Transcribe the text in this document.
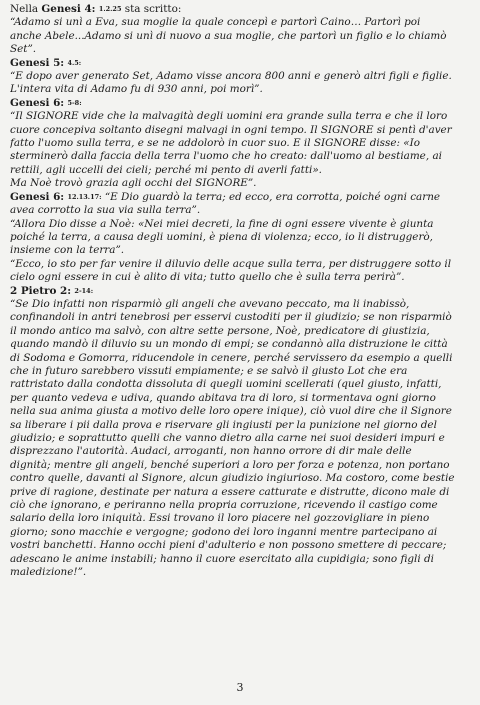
Nella Genesi 4: 1.2.25 sta scritto:
“Adamo si unì a Eva, sua moglie la quale concepì e partorì Caino… Partorì poi
anche Abele...Adamo si unì di nuovo a sua moglie, che partorì un figlio e lo chiamò
Set”.
Genesi 5: 4.5:
“E dopo aver generato Set, Adamo visse ancora 800 anni e generò altri figli e figlie.
L'intera vita di Adamo fu di 930 anni, poi morì”.
Genesi 6: 5-8:
“Il SIGNORE vide che la malvagità degli uomini era grande sulla terra e che il loro
cuore concepiva soltanto disegni malvagi in ogni tempo. Il SIGNORE si pentì d'aver
fatto l'uomo sulla terra, e se ne addolorò in cuor suo. E il SIGNORE disse: «Io
sterminerò dalla faccia della terra l'uomo che ho creato: dall'uomo al bestiame, ai
rettili, agli uccelli dei cieli; perché mi pento di averli fatti».
Ma Noè trovò grazia agli occhi del SIGNORE”.
Genesi 6: 12.13.17: “E Dio guardò la terra; ed ecco, era corrotta, poiché ogni carne
avea corrotto la sua via sulla terra”.
“Allora Dio disse a Noè: «Nei miei decreti, la fine di ogni essere vivente è giunta
poiché la terra, a causa degli uomini, è piena di violenza; ecco, io li distruggerò,
insieme con la terra”.
“Ecco, io sto per far venire il diluvio delle acque sulla terra, per distruggere sotto il
cielo ogni essere in cui è alito di vita; tutto quello che è sulla terra perirà”.
2 Pietro 2: 2-14:
“Se Dio infatti non risparmiò gli angeli che avevano peccato, ma li inabissò,
confinandoli in antri tenebrosi per esservi custoditi per il giudizio; se non risparmiò
il mondo antico ma salvò, con altre sette persone, Noè, predicatore di giustizia,
quando mandò il diluvio su un mondo di empi; se condannò alla distruzione le città
di Sodoma e Gomorra, riducendole in cenere, perché servissero da esempio a quelli
che in futuro sarebbero vissuti empiamente; e se salvò il giusto Lot che era
rattristato dalla condotta dissoluta di quegli uomini scellerati (quel giusto, infatti,
per quanto vedeva e udiva, quando abitava tra di loro, si tormentava ogni giorno
nella sua anima giusta a motivo delle loro opere inique), ciò vuol dire che il Signore
sa liberare i pii dalla prova e riservare gli ingiusti per la punizione nel giorno del
giudizio; e soprattutto quelli che vanno dietro alla carne nei suoi desideri impuri e
disprezzano l'autorità. Audaci, arroganti, non hanno orrore di dir male delle
dignità; mentre gli angeli, benché superiori a loro per forza e potenza, non portano
contro quelle, davanti al Signore, alcun giudizio ingiurioso. Ma costoro, come bestie
prive di ragione, destinate per natura a essere catturate e distrutte, dicono male di
ciò che ignorano, e periranno nella propria corruzione, ricevendo il castigo come
salario della loro iniquità. Essi trovano il loro piacere nel gozzovigliare in pieno
giorno; sono macchie e vergogne; godono dei loro inganni mentre partecipano ai
vostri banchetti. Hanno occhi pieni d'adulterio e non possono smettere di peccare;
adescano le anime instabili; hanno il cuore esercitato alla cupidigia; sono figli di
maledizione!”.
3
